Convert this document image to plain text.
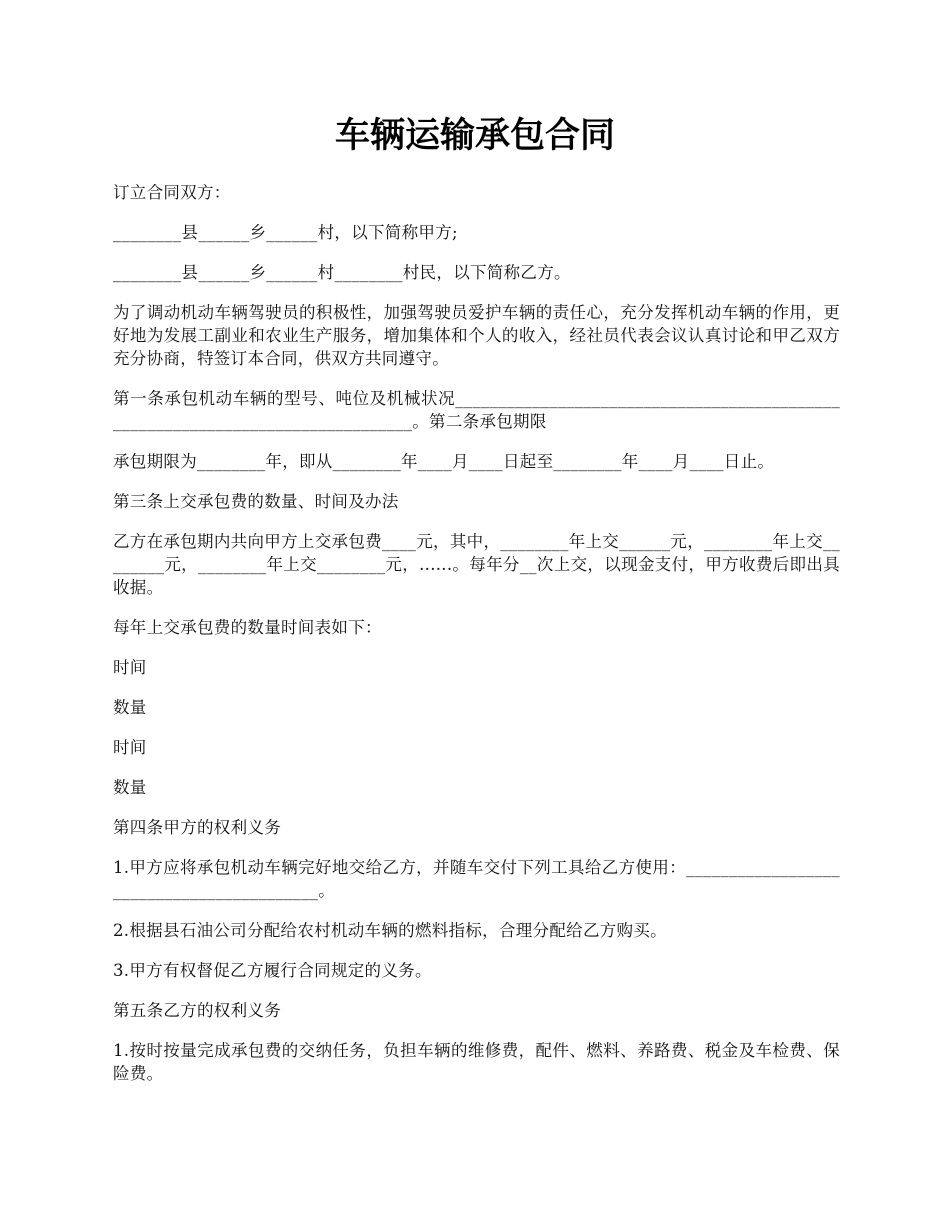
车辆运输承包合同

订立合同双方：

________县______乡______村，以下简称甲方;

________县______乡______村________村民，以下简称乙方。

为了调动机动车辆驾驶员的积极性，加强驾驶员爱护车辆的责任心，充分发挥机动车辆的作用，更好地为发展工副业和农业生产服务，增加集体和个人的收入，经社员代表会议认真讨论和甲乙双方充分协商，特签订本合同，供双方共同遵守。

第一条承包机动车辆的型号、吨位及机械状况________________________________________________________________________________。第二条承包期限

承包期限为________年，即从________年____月____日起至________年____月____日止。

第三条上交承包费的数量、时间及办法

乙方在承包期内共向甲方上交承包费____元，其中，________年上交______元，________年上交________元，________年上交________元，......。每年分__次上交，以现金支付，甲方收费后即出具收据。

每年上交承包费的数量时间表如下：

时间

数量

时间

数量

第四条甲方的权利义务

1.甲方应将承包机动车辆完好地交给乙方，并随车交付下列工具给乙方使用：__________________________________________。

2.根据县石油公司分配给农村机动车辆的燃料指标，合理分配给乙方购买。

3.甲方有权督促乙方履行合同规定的义务。

第五条乙方的权利义务

1.按时按量完成承包费的交纳任务，负担车辆的维修费，配件、燃料、养路费、税金及车检费、保险费。
